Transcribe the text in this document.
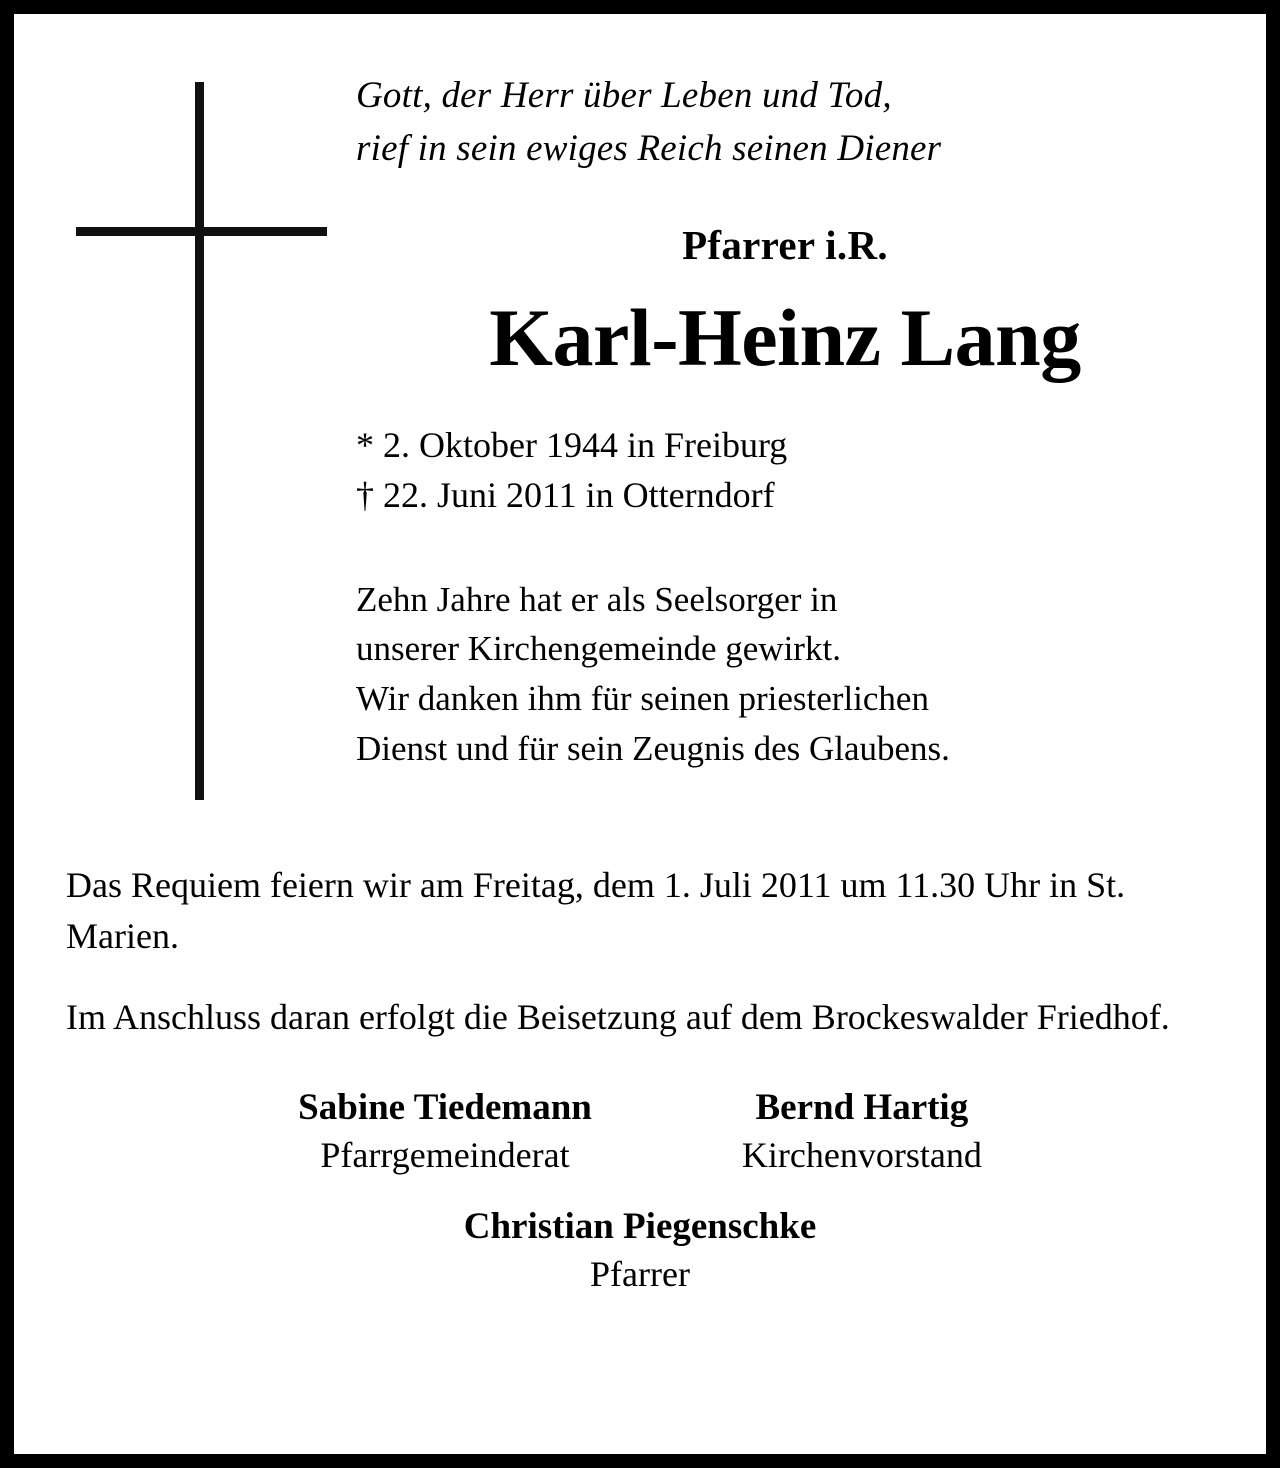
Gott, der Herr über Leben und Tod,
rief in sein ewiges Reich seinen Diener
Pfarrer i.R.
Karl-Heinz Lang
* 2. Oktober 1944 in Freiburg
† 22. Juni 2011 in Otterndorf
Zehn Jahre hat er als Seelsorger in
unserer Kirchengemeinde gewirkt.
Wir danken ihm für seinen priesterlichen
Dienst und für sein Zeugnis des Glaubens.

Das Requiem feiern wir am Freitag, dem 1. Juli 2011 um 11.30 Uhr in St. Marien.

Im Anschluss daran erfolgt die Beisetzung auf dem Brockeswalder Friedhof.

Sabine Tiedemann
Pfarrgemeinderat
Bernd Hartig
Kirchenvorstand
Christian Piegenschke
Pfarrer
